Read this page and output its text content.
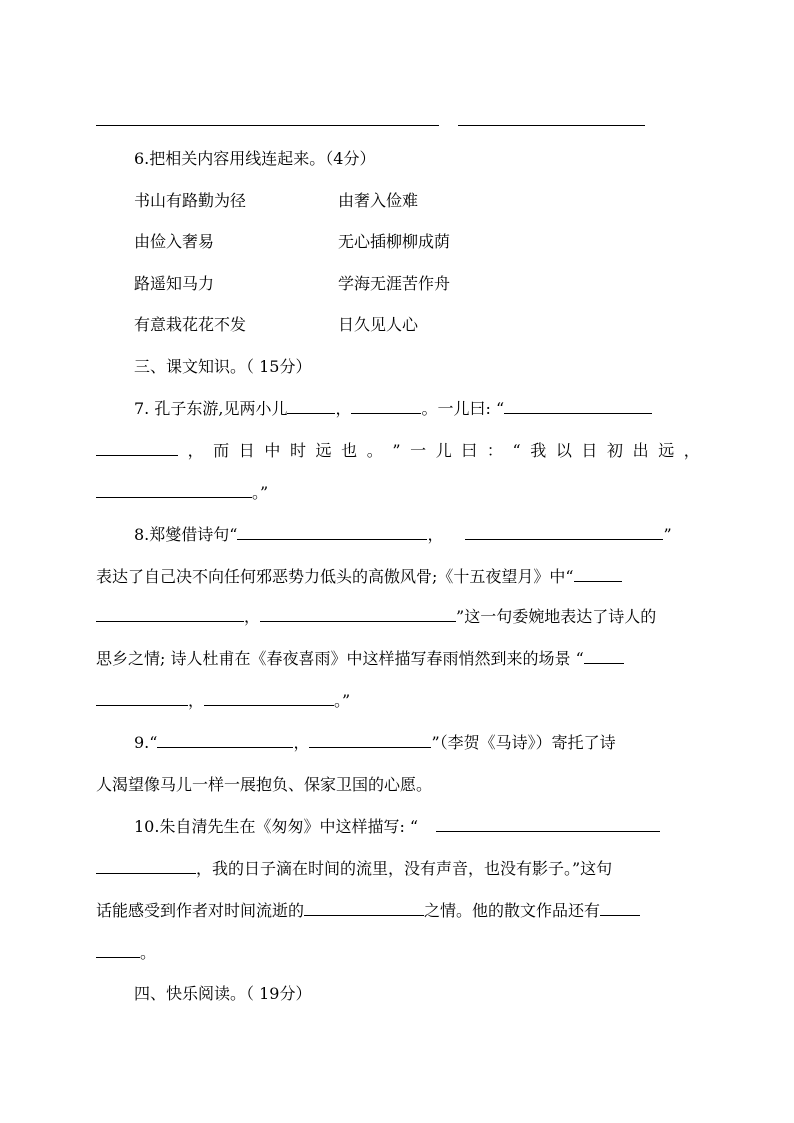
6.把相关内容用线连起来。（4分）
书山有路勤为径	由奢入俭难
由俭入奢易	无心插柳柳成荫
路遥知马力	学海无涯苦作舟
有意栽花花不发	日久见人心
三、课文知识。（ 15分）
7. 孔子东游,见两小儿	，	。一儿曰: “
， 而 日 中 时 远 也 。 ” 一 儿 曰 ： “ 我 以 日 初 出 远 ，
。”
8.郑燮借诗句“	，	”
表达了自己决不向任何邪恶势力低头的高傲风骨;《十五夜望月》中“
，	”这一句委婉地表达了诗人的
思乡之情; 诗人杜甫在《春夜喜雨》中这样描写春雨悄然到来的场景 “
，	。”
9.“	，	”（李贺《马诗》）寄托了诗
人渴望像马儿一样一展抱负、保家卫国的心愿。
10.朱自清先生在《匆匆》中这样描写: “
，我的日子滴在时间的流里，没有声音，也没有影子。”这句
话能感受到作者对时间流逝的	之情。他的散文作品还有
。
四、快乐阅读。（ 19分）
